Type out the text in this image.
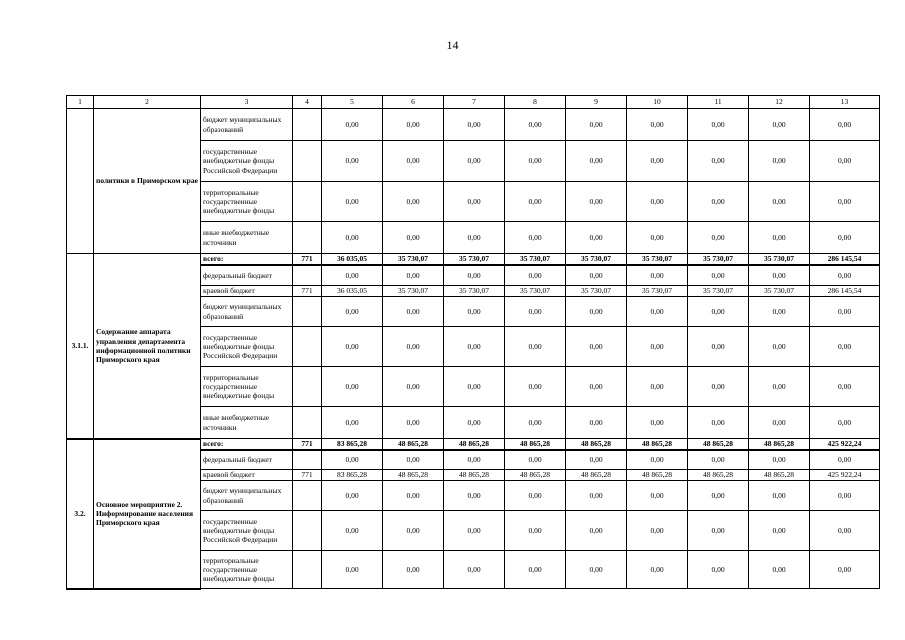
14
1	2	3	4	5	6	7	8	9	10	11	12	13
	политики в Приморском крае	бюджет муниципальных образований		0,00	0,00	0,00	0,00	0,00	0,00	0,00	0,00	0,00
		государственные внебюджетные фонды Российской Федерации		0,00	0,00	0,00	0,00	0,00	0,00	0,00	0,00	0,00
		территориальные государственные внебюджетные фонды		0,00	0,00	0,00	0,00	0,00	0,00	0,00	0,00	0,00
		иные внебюджетные источники		0,00	0,00	0,00	0,00	0,00	0,00	0,00	0,00	0,00
3.1.1.	Содержание аппарата управления департамента информационной политики Приморского края	всего:	771	36 035,05	35 730,07	35 730,07	35 730,07	35 730,07	35 730,07	35 730,07	35 730,07	286 145,54
		федеральный бюджет		0,00	0,00	0,00	0,00	0,00	0,00	0,00	0,00	0,00
		краевой бюджет	771	36 035,05	35 730,07	35 730,07	35 730,07	35 730,07	35 730,07	35 730,07	35 730,07	286 145,54
		бюджет муниципальных образований		0,00	0,00	0,00	0,00	0,00	0,00	0,00	0,00	0,00
		государственные внебюджетные фонды Российской Федерации		0,00	0,00	0,00	0,00	0,00	0,00	0,00	0,00	0,00
		территориальные государственные внебюджетные фонды		0,00	0,00	0,00	0,00	0,00	0,00	0,00	0,00	0,00
		иные внебюджетные источники		0,00	0,00	0,00	0,00	0,00	0,00	0,00	0,00	0,00
3.2.	Основное мероприятие 2. Информирование населения Приморского края	всего:	771	83 865,28	48 865,28	48 865,28	48 865,28	48 865,28	48 865,28	48 865,28	48 865,28	425 922,24
		федеральный бюджет		0,00	0,00	0,00	0,00	0,00	0,00	0,00	0,00	0,00
		краевой бюджет	771	83 865,28	48 865,28	48 865,28	48 865,28	48 865,28	48 865,28	48 865,28	48 865,28	425 922,24
		бюджет муниципальных образований		0,00	0,00	0,00	0,00	0,00	0,00	0,00	0,00	0,00
		государственные внебюджетные фонды Российской Федерации		0,00	0,00	0,00	0,00	0,00	0,00	0,00	0,00	0,00
		территориальные государственные внебюджетные фонды		0,00	0,00	0,00	0,00	0,00	0,00	0,00	0,00	0,00
